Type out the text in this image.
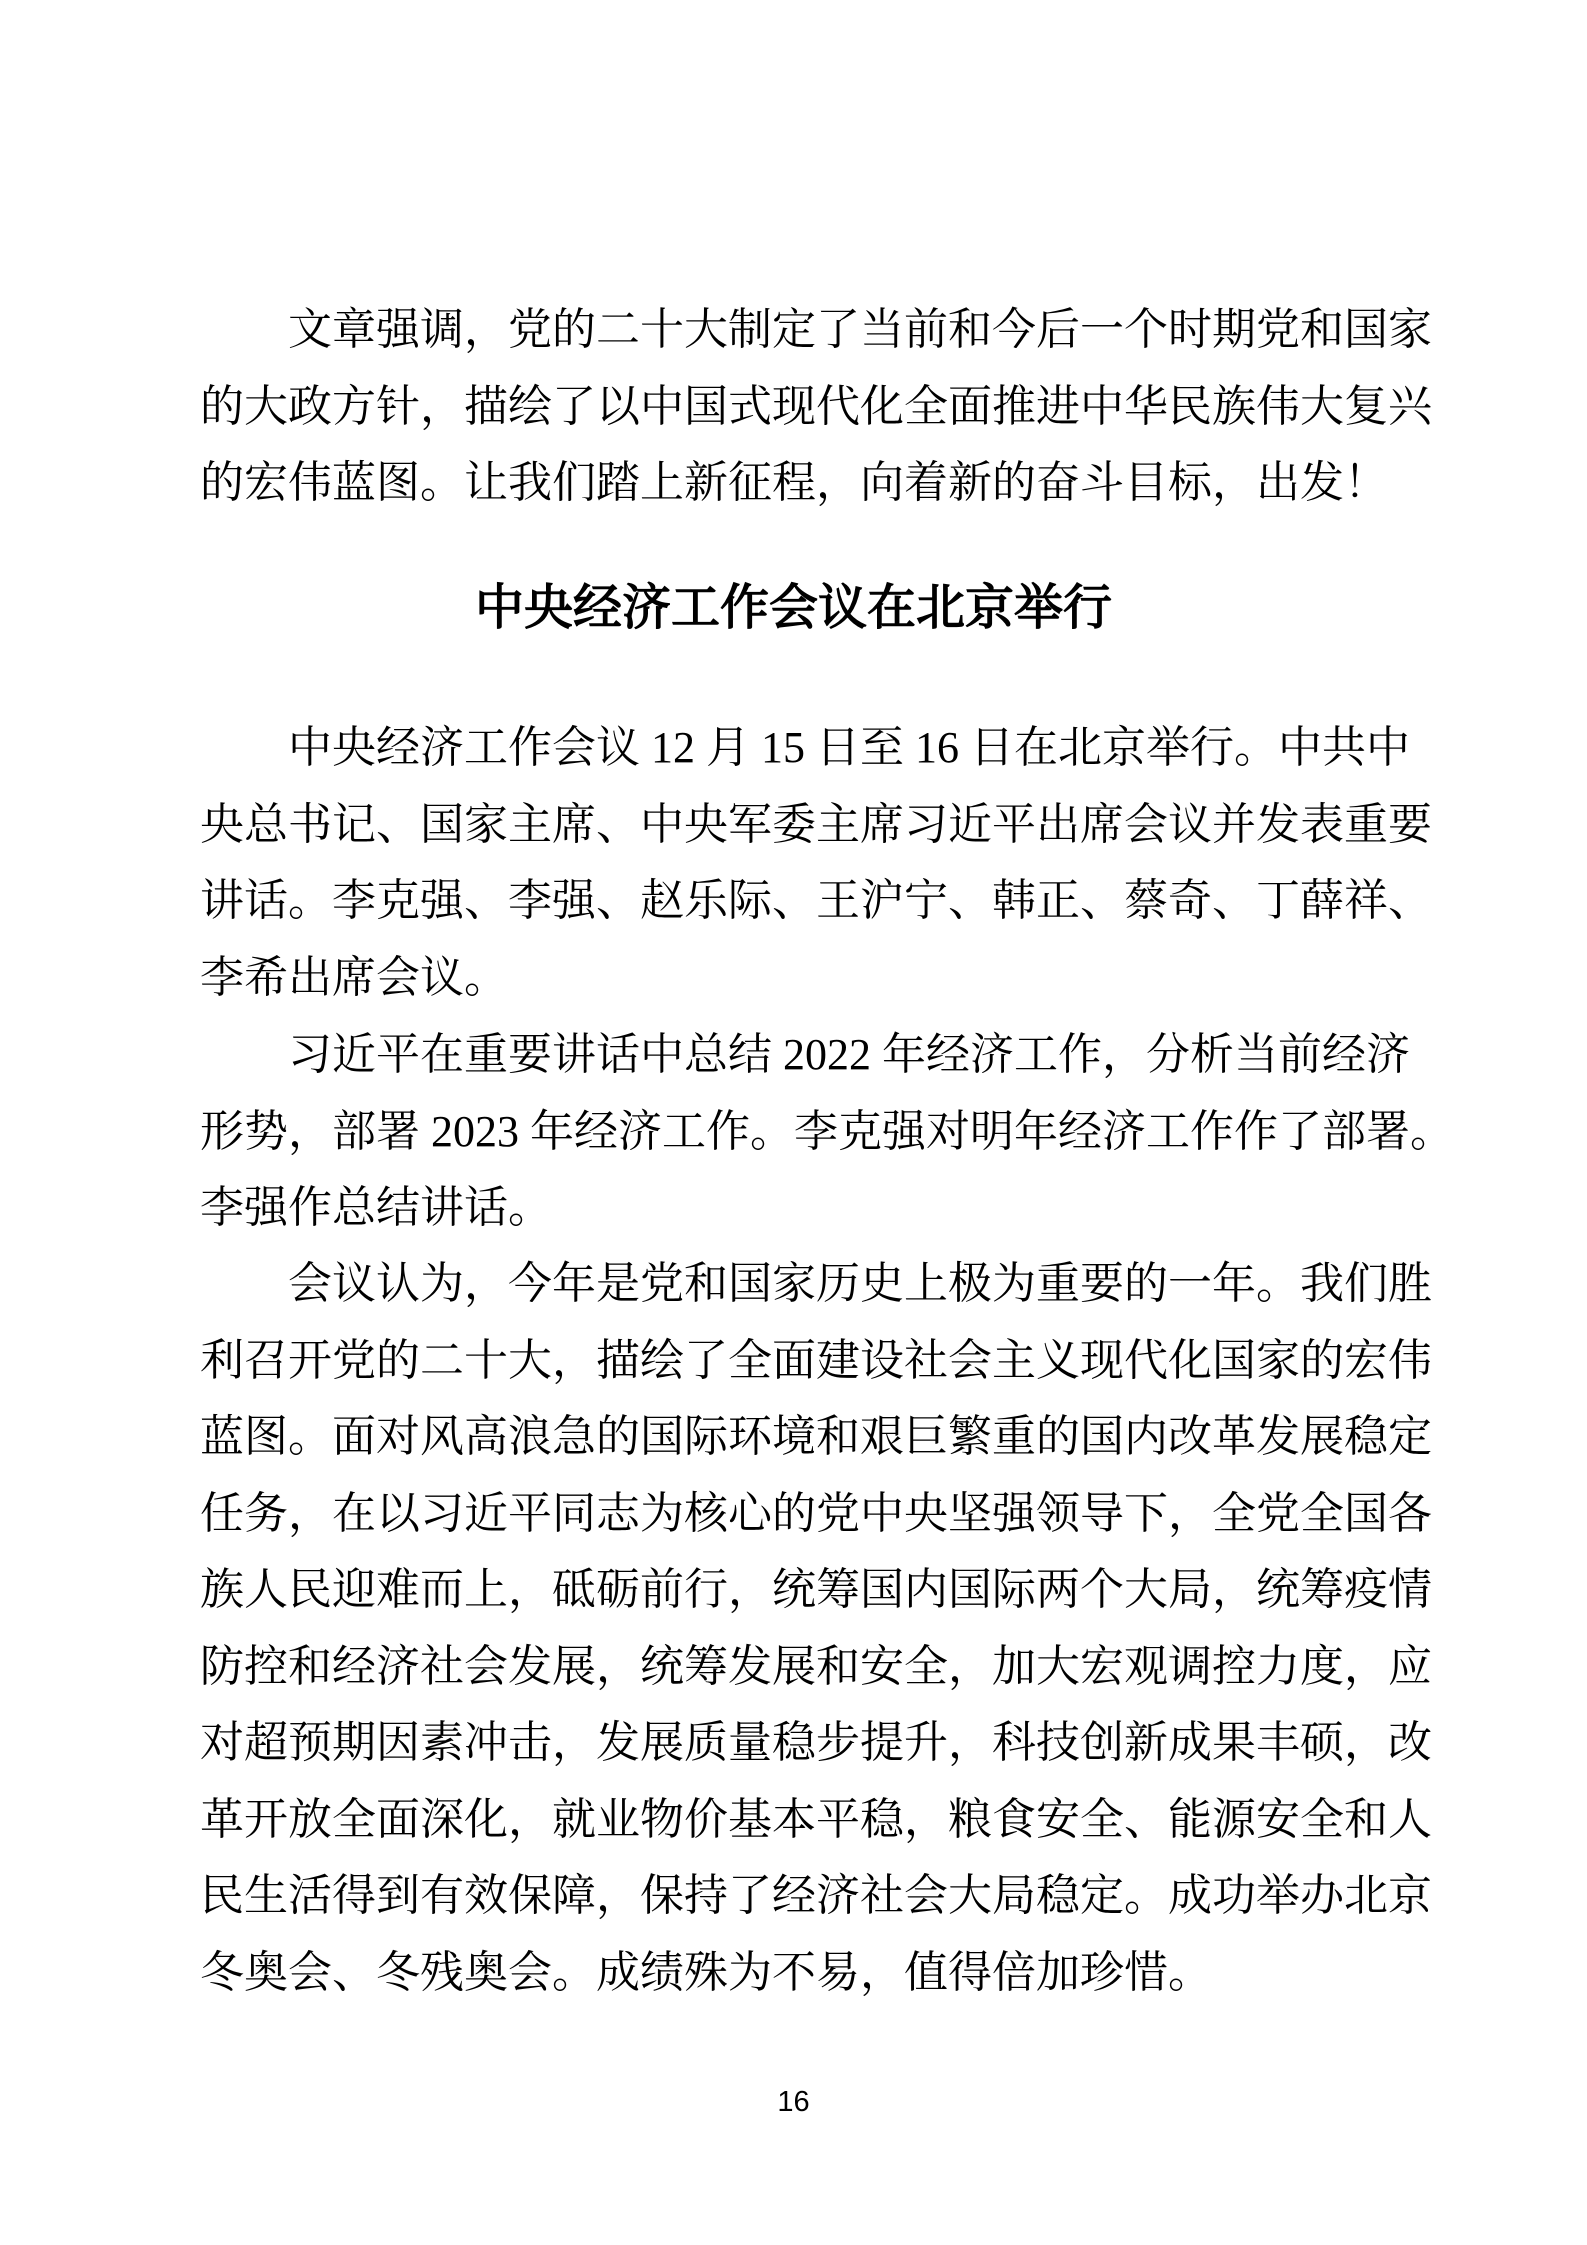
文章强调，党的二十大制定了当前和今后一个时期党和国家
的大政方针，描绘了以中国式现代化全面推进中华民族伟大复兴
的宏伟蓝图。让我们踏上新征程，向着新的奋斗目标，出发！
中央经济工作会议在北京举行
中央经济工作会议 12 月 15 日至 16 日在北京举行。中共中
央总书记、国家主席、中央军委主席习近平出席会议并发表重要
讲话。李克强、李强、赵乐际、王沪宁、韩正、蔡奇、丁薛祥、
李希出席会议。
习近平在重要讲话中总结 2022 年经济工作，分析当前经济
形势，部署 2023 年经济工作。李克强对明年经济工作作了部署。
李强作总结讲话。
会议认为，今年是党和国家历史上极为重要的一年。我们胜
利召开党的二十大，描绘了全面建设社会主义现代化国家的宏伟
蓝图。面对风高浪急的国际环境和艰巨繁重的国内改革发展稳定
任务，在以习近平同志为核心的党中央坚强领导下，全党全国各
族人民迎难而上，砥砺前行，统筹国内国际两个大局，统筹疫情
防控和经济社会发展，统筹发展和安全，加大宏观调控力度，应
对超预期因素冲击，发展质量稳步提升，科技创新成果丰硕，改
革开放全面深化，就业物价基本平稳，粮食安全、能源安全和人
民生活得到有效保障，保持了经济社会大局稳定。成功举办北京
冬奥会、冬残奥会。成绩殊为不易，值得倍加珍惜。
16
